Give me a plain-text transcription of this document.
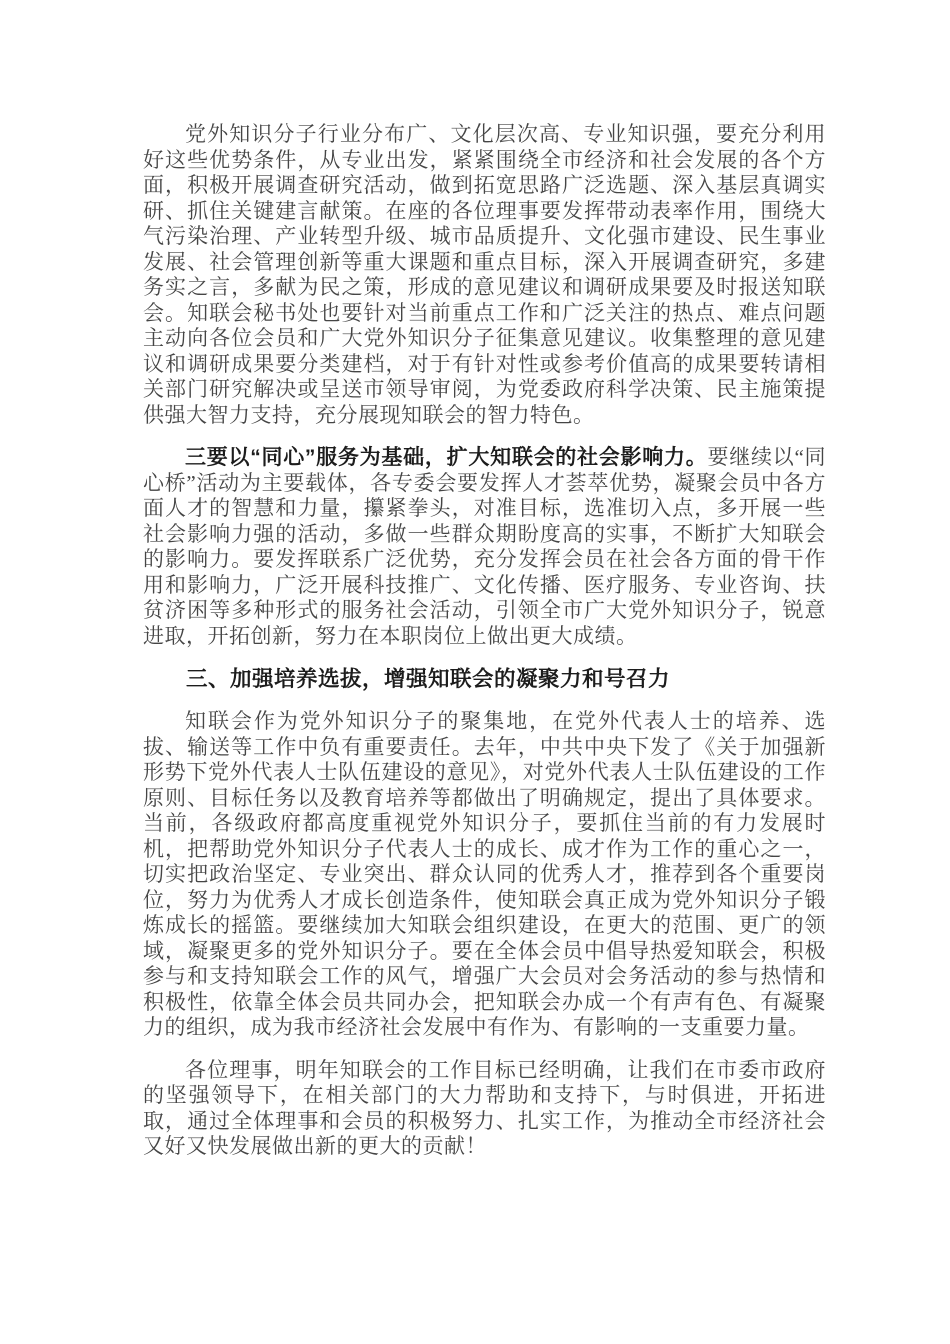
党外知识分子行业分布广、文化层次高、专业知识强，要充分利用好这些优势条件，从专业出发，紧紧围绕全市经济和社会发展的各个方面，积极开展调查研究活动，做到拓宽思路广泛选题、深入基层真调实研、抓住关键建言献策。在座的各位理事要发挥带动表率作用，围绕大气污染治理、产业转型升级、城市品质提升、文化强市建设、民生事业发展、社会管理创新等重大课题和重点目标，深入开展调查研究，多建务实之言，多献为民之策，形成的意见建议和调研成果要及时报送知联会。知联会秘书处也要针对当前重点工作和广泛关注的热点、难点问题主动向各位会员和广大党外知识分子征集意见建议。收集整理的意见建议和调研成果要分类建档，对于有针对性或参考价值高的成果要转请相关部门研究解决或呈送市领导审阅，为党委政府科学决策、民主施策提供强大智力支持，充分展现知联会的智力特色。

三要以“同心”服务为基础，扩大知联会的社会影响力。要继续以“同心桥”活动为主要载体，各专委会要发挥人才荟萃优势，凝聚会员中各方面人才的智慧和力量，攥紧拳头，对准目标，选准切入点，多开展一些社会影响力强的活动，多做一些群众期盼度高的实事，不断扩大知联会的影响力。要发挥联系广泛优势，充分发挥会员在社会各方面的骨干作用和影响力，广泛开展科技推广、文化传播、医疗服务、专业咨询、扶贫济困等多种形式的服务社会活动，引领全市广大党外知识分子，锐意进取，开拓创新，努力在本职岗位上做出更大成绩。

三、加强培养选拔，增强知联会的凝聚力和号召力

知联会作为党外知识分子的聚集地，在党外代表人士的培养、选拔、输送等工作中负有重要责任。去年，中共中央下发了《关于加强新形势下党外代表人士队伍建设的意见》，对党外代表人士队伍建设的工作原则、目标任务以及教育培养等都做出了明确规定，提出了具体要求。当前，各级政府都高度重视党外知识分子，要抓住当前的有力发展时机，把帮助党外知识分子代表人士的成长、成才作为工作的重心之一，切实把政治坚定、专业突出、群众认同的优秀人才，推荐到各个重要岗位，努力为优秀人才成长创造条件，使知联会真正成为党外知识分子锻炼成长的摇篮。要继续加大知联会组织建设，在更大的范围、更广的领域，凝聚更多的党外知识分子。要在全体会员中倡导热爱知联会，积极参与和支持知联会工作的风气，增强广大会员对会务活动的参与热情和积极性，依靠全体会员共同办会，把知联会办成一个有声有色、有凝聚力的组织，成为我市经济社会发展中有作为、有影响的一支重要力量。

各位理事，明年知联会的工作目标已经明确，让我们在市委市政府的坚强领导下，在相关部门的大力帮助和支持下，与时俱进，开拓进取，通过全体理事和会员的积极努力、扎实工作，为推动全市经济社会又好又快发展做出新的更大的贡献！
